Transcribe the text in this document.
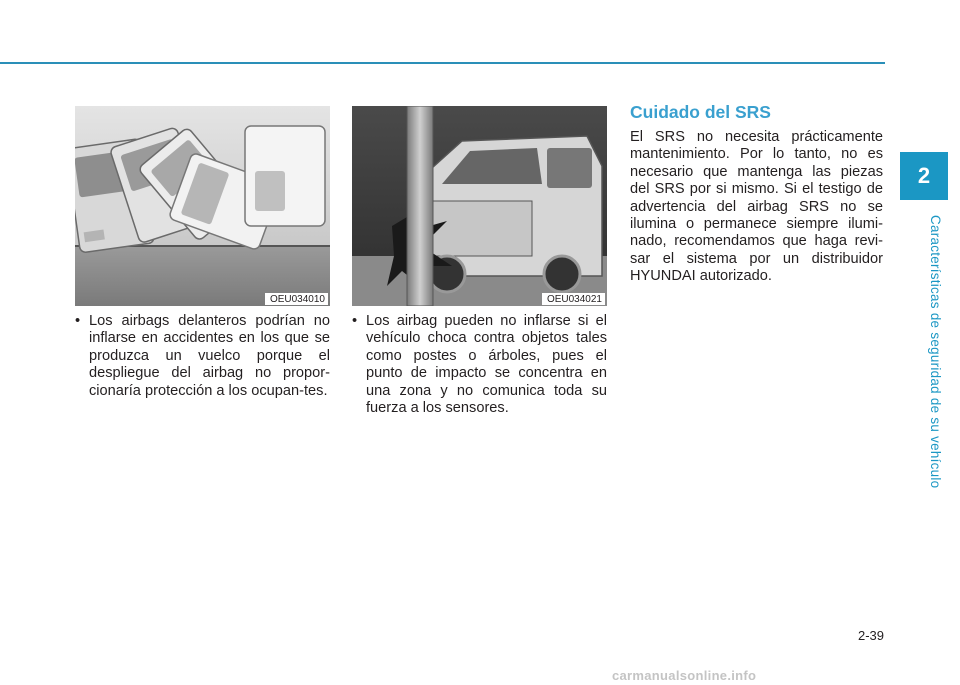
OEU034010	OEU034021
• Los airbags delanteros podrían no inflarse en accidentes en los que se produzca un vuelco porque el despliegue del airbag no propor-cionaría protección a los ocupan-tes.
• Los airbag pueden no inflarse si el vehículo choca contra objetos tales como postes o árboles, pues el punto de impacto se concentra en una zona y no comunica toda su fuerza a los sensores.
Cuidado del SRS
El SRS no necesita prácticamente mantenimiento. Por lo tanto, no es necesario que mantenga las piezas del SRS por si mismo. Si el testigo de advertencia del airbag SRS no se ilumina o permanece siempre ilumi-nado, recomendamos que haga revi-sar el sistema por un distribuidor HYUNDAI autorizado.
2
Características de seguridad de su vehículo
2-39
carmanualsonline.info
